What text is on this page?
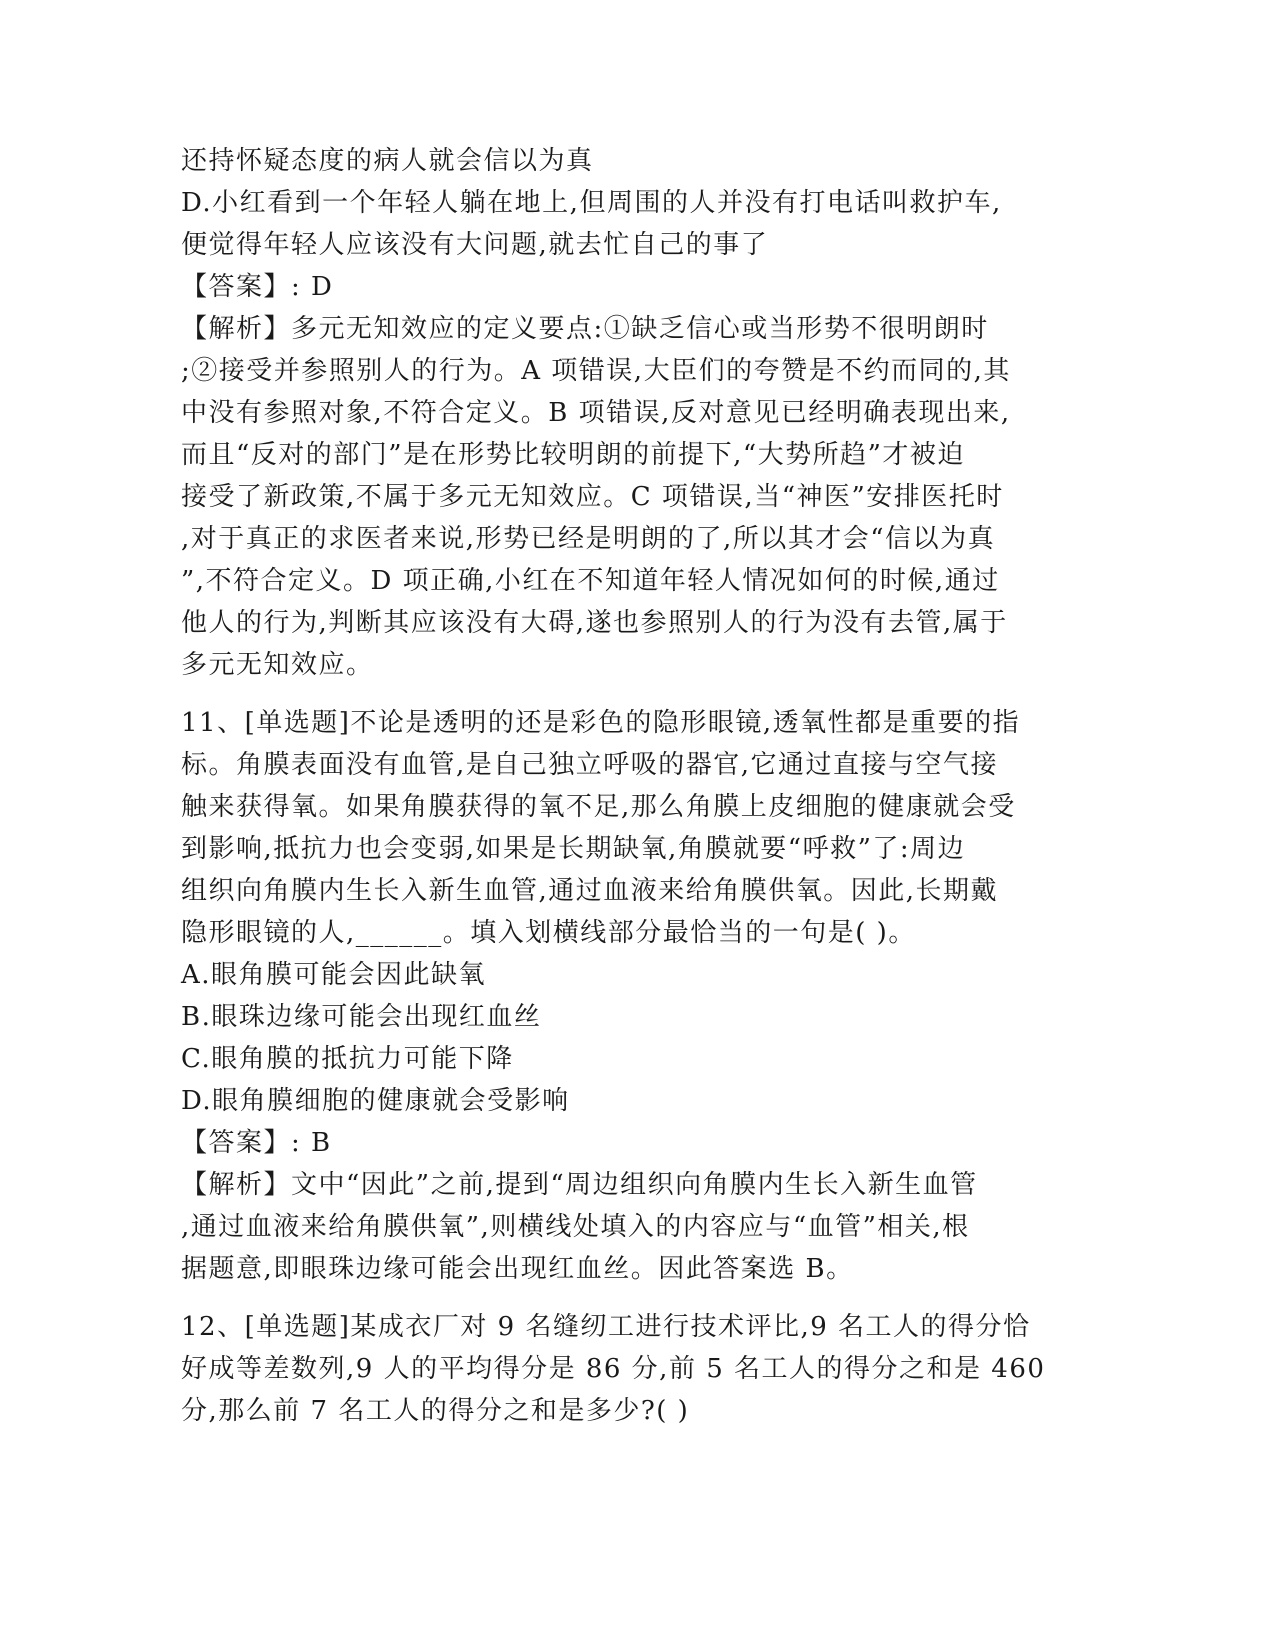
还持怀疑态度的病人就会信以为真
D.小红看到一个年轻人躺在地上,但周围的人并没有打电话叫救护车,
便觉得年轻人应该没有大问题,就去忙自己的事了
【答案】: D
【解析】多元无知效应的定义要点:①缺乏信心或当形势不很明朗时
;②接受并参照别人的行为。A 项错误,大臣们的夸赞是不约而同的,其
中没有参照对象,不符合定义。B 项错误,反对意见已经明确表现出来,
而且“反对的部门”是在形势比较明朗的前提下,“大势所趋”才被迫
接受了新政策,不属于多元无知效应。C 项错误,当“神医”安排医托时
,对于真正的求医者来说,形势已经是明朗的了,所以其才会“信以为真
”,不符合定义。D 项正确,小红在不知道年轻人情况如何的时候,通过
他人的行为,判断其应该没有大碍,遂也参照别人的行为没有去管,属于
多元无知效应。
11、[单选题]不论是透明的还是彩色的隐形眼镜,透氧性都是重要的指
标。角膜表面没有血管,是自己独立呼吸的器官,它通过直接与空气接
触来获得氧。如果角膜获得的氧不足,那么角膜上皮细胞的健康就会受
到影响,抵抗力也会变弱,如果是长期缺氧,角膜就要“呼救”了:周边
组织向角膜内生长入新生血管,通过血液来给角膜供氧。因此,长期戴
隐形眼镜的人,______。填入划横线部分最恰当的一句是( )。
A.眼角膜可能会因此缺氧
B.眼珠边缘可能会出现红血丝
C.眼角膜的抵抗力可能下降
D.眼角膜细胞的健康就会受影响
【答案】: B
【解析】文中“因此”之前,提到“周边组织向角膜内生长入新生血管
,通过血液来给角膜供氧”,则横线处填入的内容应与“血管”相关,根
据题意,即眼珠边缘可能会出现红血丝。因此答案选 B。
12、[单选题]某成衣厂对 9 名缝纫工进行技术评比,9 名工人的得分恰
好成等差数列,9 人的平均得分是 86 分,前 5 名工人的得分之和是 460
分,那么前 7 名工人的得分之和是多少?( )
